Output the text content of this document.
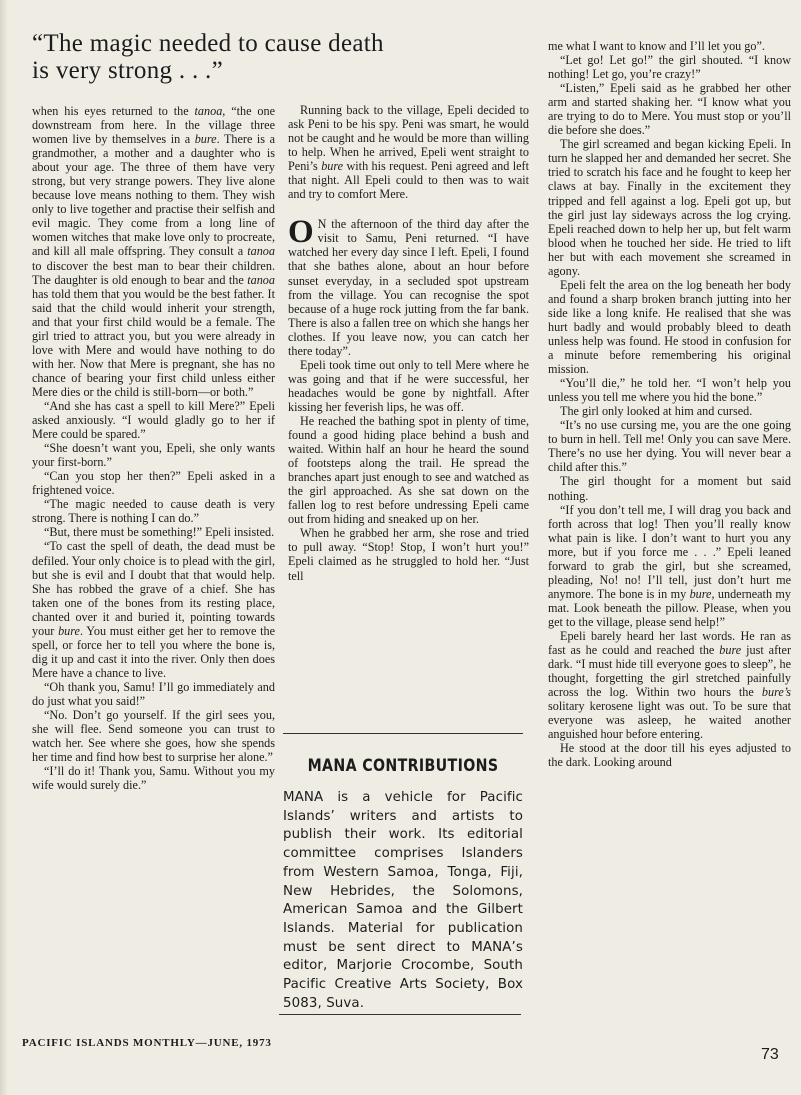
“The magic needed to cause death
is very strong . . .”

when his eyes returned to the tanoa, “the one downstream from here. In the village three women live by themselves in a bure. There is a grandmother, a mother and a daughter who is about your age. The three of them have very strong, but very strange powers. They live alone because love means nothing to them. They wish only to live together and practise their selfish and evil magic. They come from a long line of women witches that make love only to procreate, and kill all male offspring. They consult a tanoa to discover the best man to bear their children. The daughter is old enough to bear and the tanoa has told them that you would be the best father. It said that the child would inherit your strength, and that your first child would be a female. The girl tried to attract you, but you were already in love with Mere and would have nothing to do with her. Now that Mere is pregnant, she has no chance of bearing your first child unless either Mere dies or the child is still-born—or both.”

“And she has cast a spell to kill Mere?” Epeli asked anxiously. “I would gladly go to her if Mere could be spared.”

“She doesn’t want you, Epeli, she only wants your first-born.”

“Can you stop her then?” Epeli asked in a frightened voice.

“The magic needed to cause death is very strong. There is nothing I can do.”

“But, there must be something!” Epeli insisted.

“To cast the spell of death, the dead must be defiled. Your only choice is to plead with the girl, but she is evil and I doubt that that would help. She has robbed the grave of a chief. She has taken one of the bones from its resting place, chanted over it and buried it, pointing towards your bure. You must either get her to remove the spell, or force her to tell you where the bone is, dig it up and cast it into the river. Only then does Mere have a chance to live.

“Oh thank you, Samu! I’ll go immediately and do just what you said!”

“No. Don’t go yourself. If the girl sees you, she will flee. Send someone you can trust to watch her. See where she goes, how she spends her time and find how best to surprise her alone.”

“I’ll do it! Thank you, Samu. Without you my wife would surely die.”

Running back to the village, Epeli decided to ask Peni to be his spy. Peni was smart, he would not be caught and he would be more than willing to help. When he arrived, Epeli went straight to Peni’s bure with his request. Peni agreed and left that night. All Epeli could to then was to wait and try to comfort Mere.

O N the afternoon of the third day after the visit to Samu, Peni returned. “I have watched her every day since I left. Epeli, I found that she bathes alone, about an hour before sunset everyday, in a secluded spot upstream from the village. You can recognise the spot because of a huge rock jutting from the far bank. There is also a fallen tree on which she hangs her clothes. If you leave now, you can catch her there today”.

Epeli took time out only to tell Mere where he was going and that if he were successful, her headaches would be gone by nightfall. After kissing her feverish lips, he was off.

He reached the bathing spot in plenty of time, found a good hiding place behind a bush and waited. Within half an hour he heard the sound of footsteps along the trail. He spread the branches apart just enough to see and watched as the girl approached. As she sat down on the fallen log to rest before undressing Epeli came out from hiding and sneaked up on her.

When he grabbed her arm, she rose and tried to pull away. “Stop! Stop, I won’t hurt you!” Epeli claimed as he struggled to hold her. “Just tell

me what I want to know and I’ll let you go”.

“Let go! Let go!” the girl shouted. “I know nothing! Let go, you’re crazy!”

“Listen,” Epeli said as he grabbed her other arm and started shaking her. “I know what you are trying to do to Mere. You must stop or you’ll die before she does.”

The girl screamed and began kicking Epeli. In turn he slapped her and demanded her secret. She tried to scratch his face and he fought to keep her claws at bay. Finally in the excitement they tripped and fell against a log. Epeli got up, but the girl just lay sideways across the log crying. Epeli reached down to help her up, but felt warm blood when he touched her side. He tried to lift her but with each movement she screamed in agony.

Epeli felt the area on the log beneath her body and found a sharp broken branch jutting into her side like a long knife. He realised that she was hurt badly and would probably bleed to death unless help was found. He stood in confusion for a minute before remembering his original mission.

“You’ll die,” he told her. “I won’t help you unless you tell me where you hid the bone.”

The girl only looked at him and cursed.

“It’s no use cursing me, you are the one going to burn in hell. Tell me! Only you can save Mere. There’s no use her dying. You will never bear a child after this.”

The girl thought for a moment but said nothing.

“If you don’t tell me, I will drag you back and forth across that log! Then you’ll really know what pain is like. I don’t want to hurt you any more, but if you force me . . .” Epeli leaned forward to grab the girl, but she screamed, pleading, No! no! I’ll tell, just don’t hurt me anymore. The bone is in my bure, underneath my mat. Look beneath the pillow. Please, when you get to the village, please send help!”

Epeli barely heard her last words. He ran as fast as he could and reached the bure just after dark. “I must hide till everyone goes to sleep”, he thought, forgetting the girl stretched painfully across the log. Within two hours the bure’s solitary kerosene light was out. To be sure that everyone was asleep, he waited another anguished hour before entering.

He stood at the door till his eyes adjusted to the dark. Looking around

MANA CONTRIBUTIONS
MANA is a vehicle for Pacific Islands’ writers and artists to publish their work. Its editorial committee comprises Islanders from Western Samoa, Tonga, Fiji, New Hebrides, the Solomons, American Samoa and the Gilbert Islands. Material for publication must be sent direct to MANA’s editor, Marjorie Crocombe, South Pacific Creative Arts Society, Box 5083, Suva.
PACIFIC ISLANDS MONTHLY—JUNE, 1973
73
